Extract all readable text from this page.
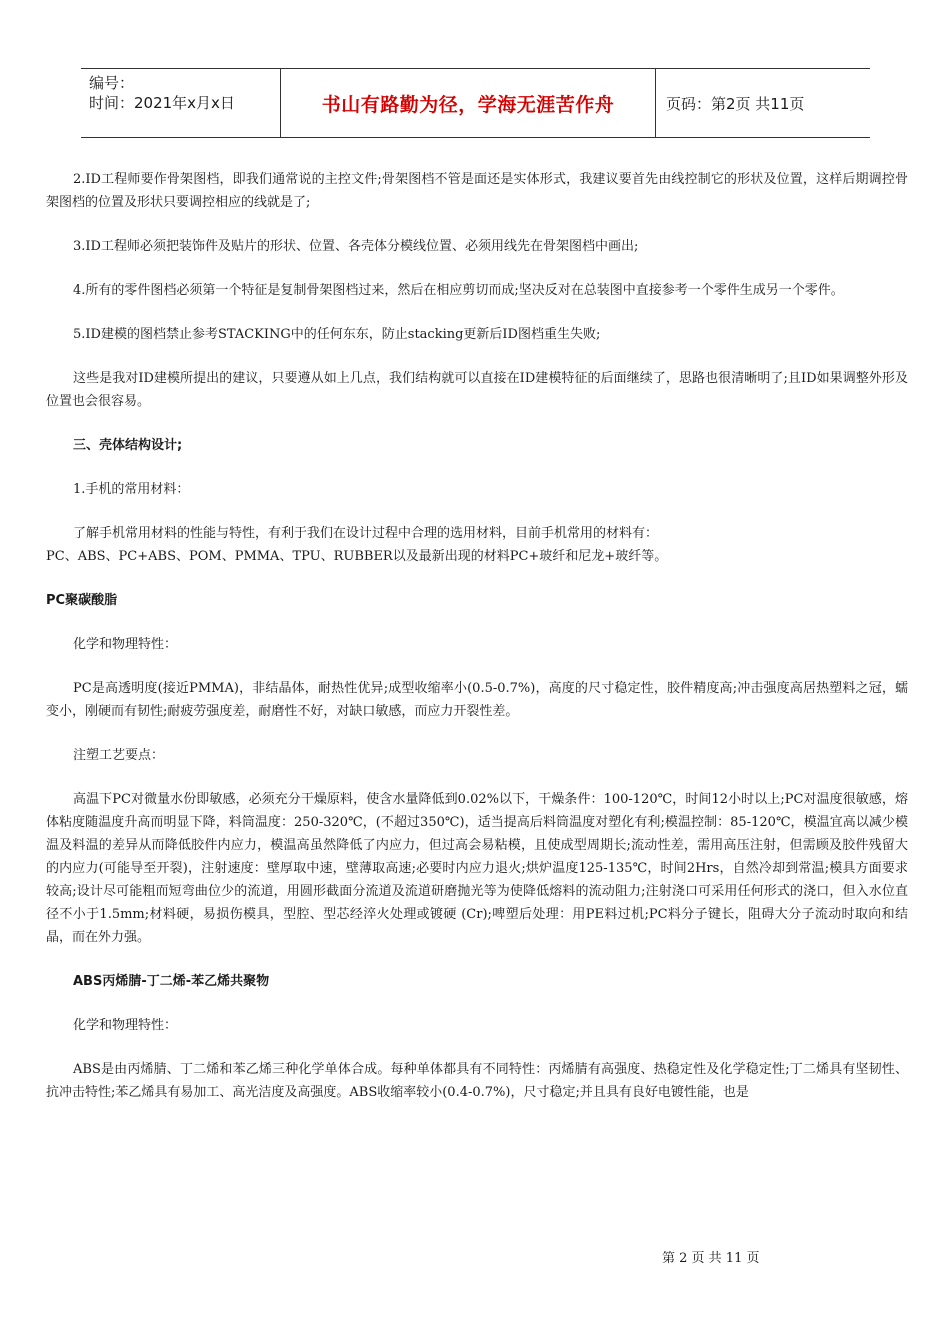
编号：
时间：2021年x月x日	书山有路勤为径，学海无涯苦作舟	页码：第2页 共11页

2.ID工程师要作骨架图档，即我们通常说的主控文件;骨架图档不管是面还是实体形式，我建议要首先由线控制它的形状及位置，这样后期调控骨架图档的位置及形状只要调控相应的线就是了;

3.ID工程师必须把装饰件及贴片的形状、位置、各壳体分模线位置、必须用线先在骨架图档中画出;

4.所有的零件图档必须第一个特征是复制骨架图档过来，然后在相应剪切而成;坚决反对在总装图中直接参考一个零件生成另一个零件。

5.ID建模的图档禁止参考STACKING中的任何东东，防止stacking更新后ID图档重生失败;

这些是我对ID建模所提出的建议，只要遵从如上几点，我们结构就可以直接在ID建模特征的后面继续了，思路也很清晰明了;且ID如果调整外形及位置也会很容易。

三、壳体结构设计;

1.手机的常用材料：

了解手机常用材料的性能与特性，有利于我们在设计过程中合理的选用材料，目前手机常用的材料有：

PC、ABS、PC+ABS、POM、PMMA、TPU、RUBBER以及最新出现的材料PC+玻纤和尼龙+玻纤等。

PC聚碳酸脂

化学和物理特性：

PC是高透明度(接近PMMA)，非结晶体，耐热性优异;成型收缩率小(0.5-0.7%)，高度的尺寸稳定性，胶件精度高;冲击强度高居热塑料之冠，蠕变小，刚硬而有韧性;耐疲劳强度差，耐磨性不好，对缺口敏感，而应力开裂性差。

注塑工艺要点：

高温下PC对微量水份即敏感，必须充分干燥原料，使含水量降低到0.02%以下，干燥条件：100-120℃，时间12小时以上;PC对温度很敏感，熔体粘度随温度升高而明显下降，料筒温度：250-320℃，(不超过350℃)，适当提高后料筒温度对塑化有利;模温控制：85-120℃，模温宜高以减少模温及料温的差异从而降低胶件内应力，模温高虽然降低了内应力，但过高会易粘模，且使成型周期长;流动性差，需用高压注射，但需顾及胶件残留大的内应力(可能导至开裂)，注射速度：壁厚取中速，壁薄取高速;必要时内应力退火;烘炉温度125-135℃，时间2Hrs，自然冷却到常温;模具方面要求较高;设计尽可能粗而短弯曲位少的流道，用圆形截面分流道及流道研磨抛光等为使降低熔料的流动阻力;注射浇口可采用任何形式的浇口，但入水位直径不小于1.5mm;材料硬，易损伤模具，型腔、型芯经淬火处理或镀硬 (Cr);啤塑后处理：用PE料过机;PC料分子键长，阻碍大分子流动时取向和结晶，而在外力强。

ABS丙烯腈-丁二烯-苯乙烯共聚物

化学和物理特性：

ABS是由丙烯腈、丁二烯和苯乙烯三种化学单体合成。每种单体都具有不同特性：丙烯腈有高强度、热稳定性及化学稳定性;丁二烯具有坚韧性、抗冲击特性;苯乙烯具有易加工、高光洁度及高强度。ABS收缩率较小(0.4-0.7%)，尺寸稳定;并且具有良好电镀性能，也是

第 2 页 共 11 页
